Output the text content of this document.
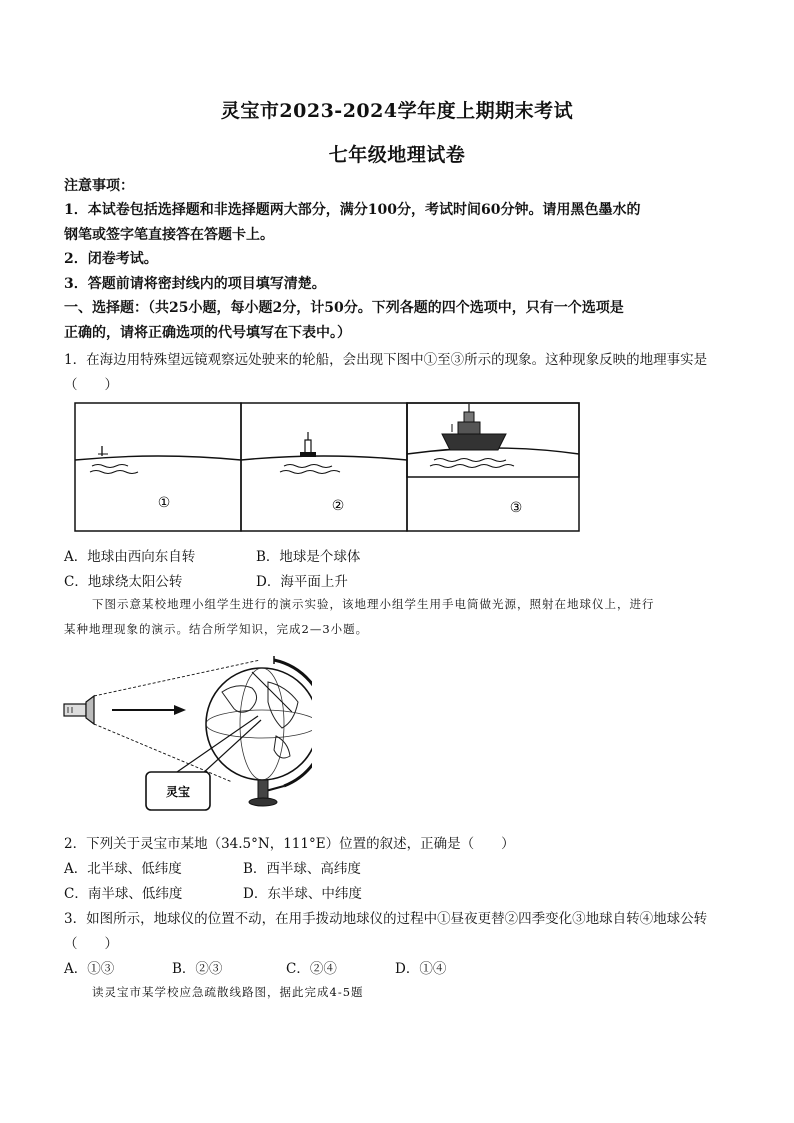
灵宝市2023-2024学年度上期期末考试
七年级地理试卷
注意事项：
1．本试卷包括选择题和非选择题两大部分，满分100分，考试时间60分钟。请用黑色墨水的
钢笔或签字笔直接答在答题卡上。
2．闭卷考试。
3．答题前请将密封线内的项目填写清楚。
一、选择题：（共25小题，每小题2分，计50分。下列各题的四个选项中，只有一个选项是
正确的，请将正确选项的代号填写在下表中。）
1．在海边用特殊望远镜观察远处驶来的轮船，会出现下图中①至③所示的现象。这种现象反映的地理事实是
（　　）
①	②	③
A．地球由西向东自转	B．地球是个球体
C．地球绕太阳公转	D．海平面上升
下图示意某校地理小组学生进行的演示实验，该地理小组学生用手电筒做光源，照射在地球仪上，进行
某种地理现象的演示。结合所学知识，完成2—3小题。
灵宝
2．下列关于灵宝市某地（34.5°N，111°E）位置的叙述，正确是（　　）
A．北半球、低纬度	B．西半球、高纬度
C．南半球、低纬度	D．东半球、中纬度
3．如图所示，地球仪的位置不动，在用手拨动地球仪的过程中①昼夜更替②四季变化③地球自转④地球公转
（　　）
A．①③	B．②③	C．②④	D．①④
读灵宝市某学校应急疏散线路图，据此完成4-5题
